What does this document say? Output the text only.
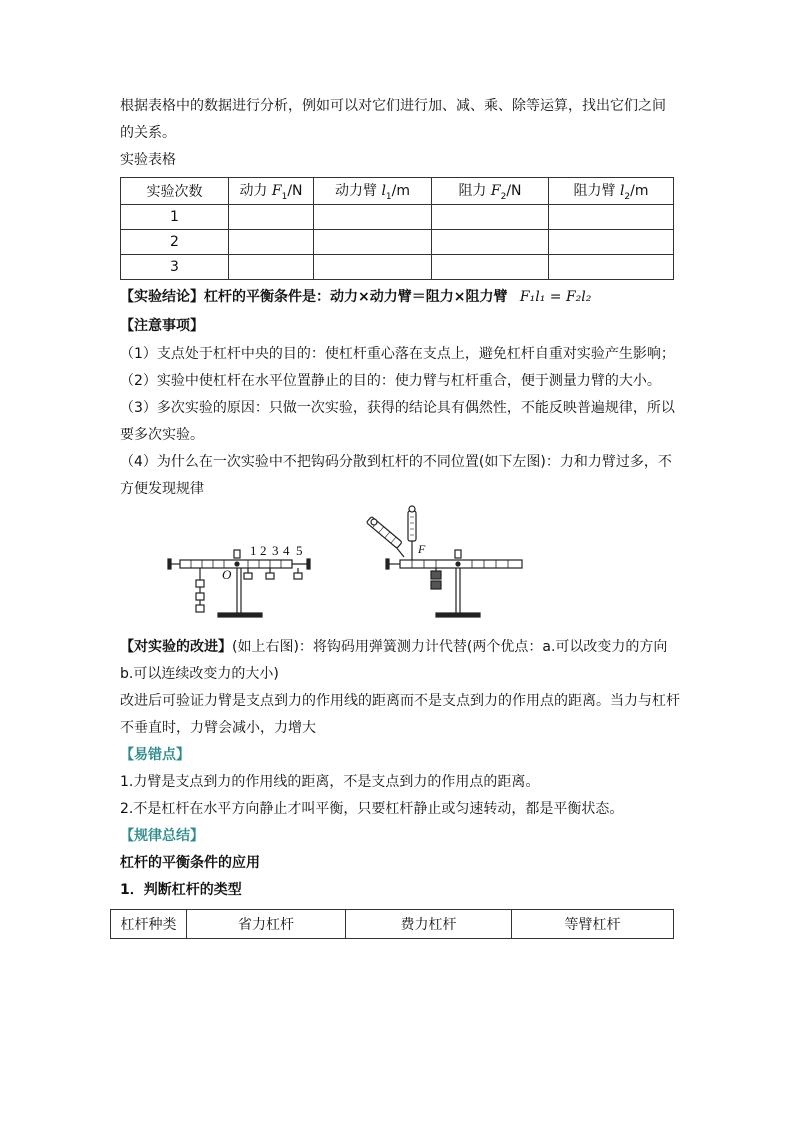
根据表格中的数据进行分析，例如可以对它们进行加、减、乘、除等运算，找出它们之间的关系。

实验表格

实验次数	动力 $F_1/N$	动力臂 $l_1/m$	阻力 $F_2/N$	阻力臂 $l_2/m$
1				
2				
3				

【实验结论】杠杆的平衡条件是：动力×动力臂＝阻力×阻力臂 F₁l₁ = F₂l₂

【注意事项】

（1）支点处于杠杆中央的目的：使杠杆重心落在支点上，避免杠杆自重对实验产生影响；

（2）实验中使杠杆在水平位置静止的目的：使力臂与杠杆重合，便于测量力臂的大小。

（3）多次实验的原因：只做一次实验，获得的结论具有偶然性，不能反映普遍规律，所以要多次实验。

（4）为什么在一次实验中不把钩码分散到杠杆的不同位置(如下左图)：力和力臂过多，不方便发现规律

1 2 3 4 5
O
F

【对实验的改进】(如上右图)：将钩码用弹簧测力计代替(两个优点：a.可以改变力的方向 b.可以连续改变力的大小)

改进后可验证力臂是支点到力的作用线的距离而不是支点到力的作用点的距离。当力与杠杆不垂直时，力臂会减小，力增大

【易错点】

1.力臂是支点到力的作用线的距离，不是支点到力的作用点的距离。

2.不是杠杆在水平方向静止才叫平衡，只要杠杆静止或匀速转动，都是平衡状态。

【规律总结】

杠杆的平衡条件的应用

1．判断杠杆的类型

杠杆种类	省力杠杆	费力杠杆	等臂杠杆
